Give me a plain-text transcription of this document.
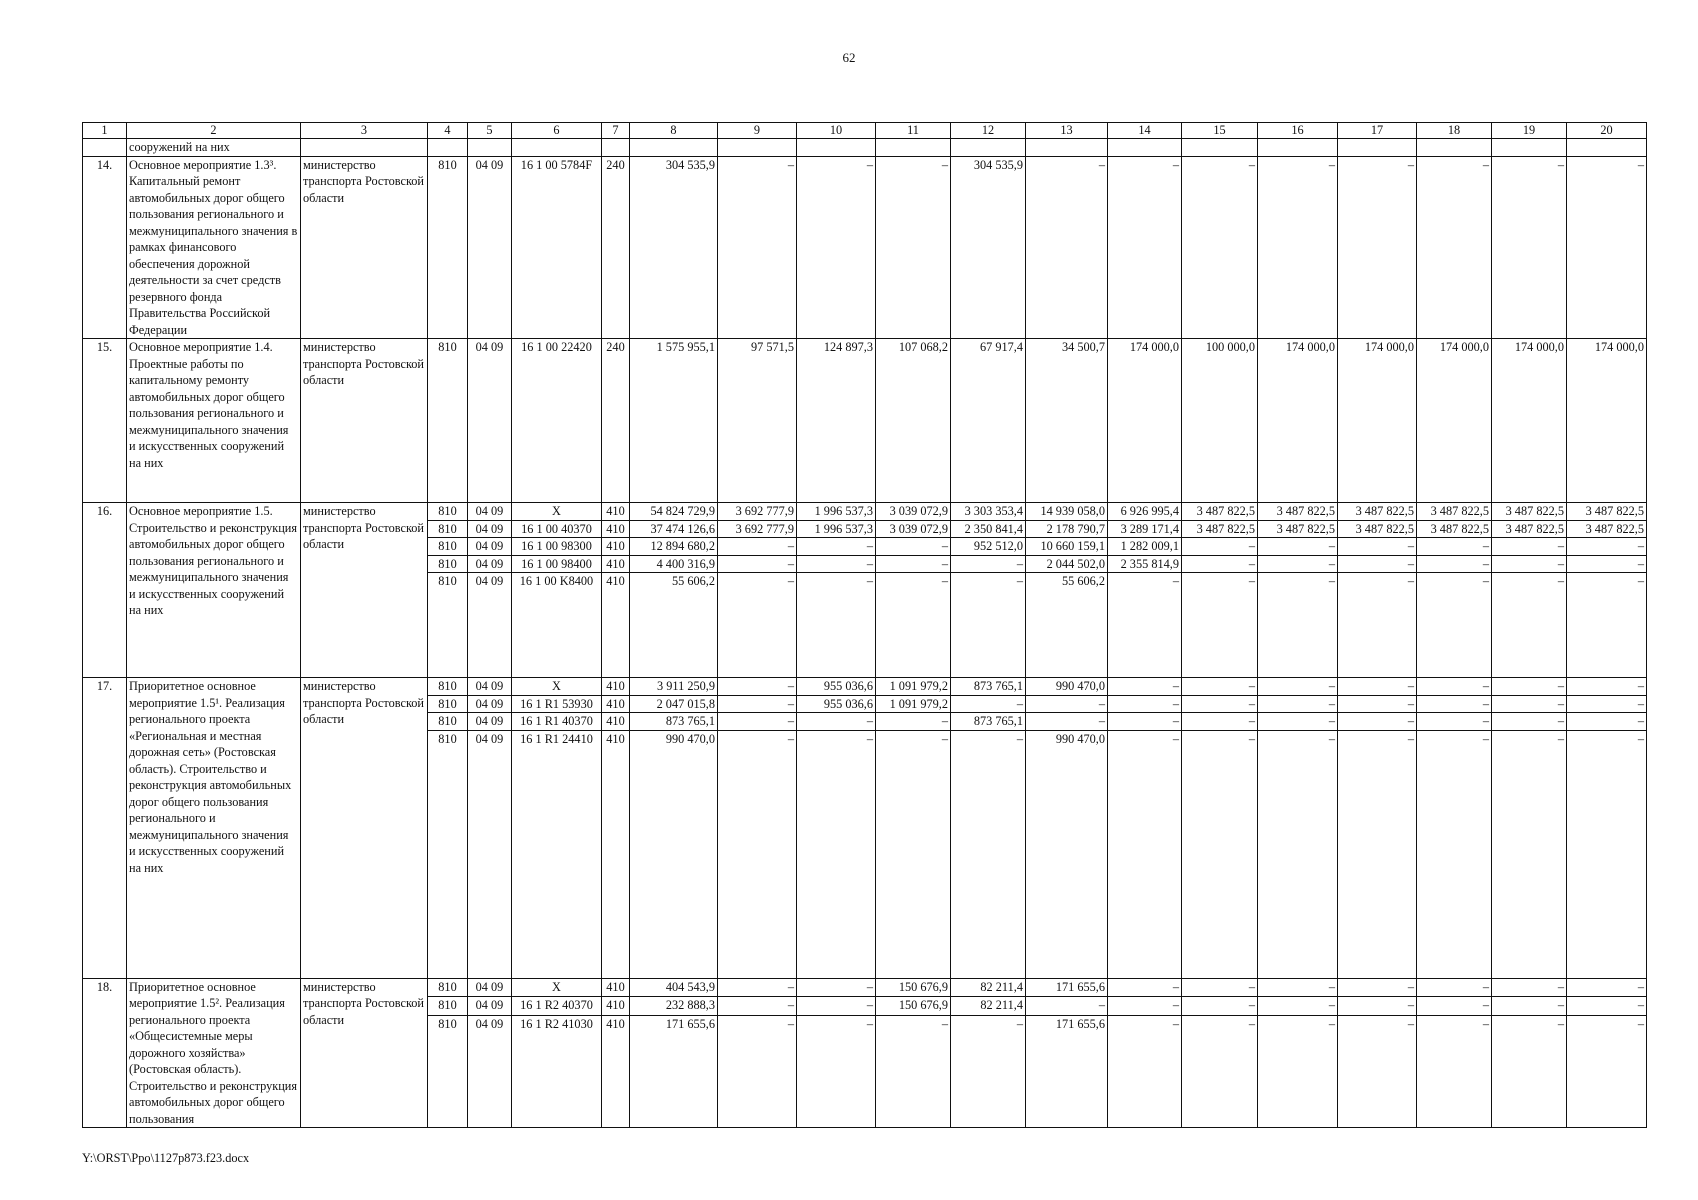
62
1	2	3	4	5	6	7	8	9	10	11	12	13	14	15	16	17	18	19	20
	сооружений на них																		
14.	Основное мероприятие 1.3³. Капитальный ремонт автомобильных дорог общего пользования регионального и межмуниципального значения в рамках финансового обеспечения дорожной деятельности за счет средств резервного фонда Правительства Российской Федерации	министерство транспорта Ростовской области	810	04 09	16 1 00 5784F	240	304 535,9	–	–	–	304 535,9	–	–	–	–	–	–	–	–
15.	Основное мероприятие 1.4. Проектные работы по капитальному ремонту автомобильных дорог общего пользования регионального и межмуниципального значения и искусственных сооружений на них	министерство транспорта Ростовской области	810	04 09	16 1 00 22420	240	1 575 955,1	97 571,5	124 897,3	107 068,2	67 917,4	34 500,7	174 000,0	100 000,0	174 000,0	174 000,0	174 000,0	174 000,0	174 000,0
16.	Основное мероприятие 1.5. Строительство и реконструкция автомобильных дорог общего пользования регионального и межмуниципального значения и искусственных сооружений на них	министерство транспорта Ростовской области	810	04 09	Х	410	54 824 729,9	3 692 777,9	1 996 537,3	3 039 072,9	3 303 353,4	14 939 058,0	6 926 995,4	3 487 822,5	3 487 822,5	3 487 822,5	3 487 822,5	3 487 822,5	3 487 822,5
			810	04 09	16 1 00 40370	410	37 474 126,6	3 692 777,9	1 996 537,3	3 039 072,9	2 350 841,4	2 178 790,7	3 289 171,4	3 487 822,5	3 487 822,5	3 487 822,5	3 487 822,5	3 487 822,5	3 487 822,5
			810	04 09	16 1 00 98300	410	12 894 680,2	–	–	–	952 512,0	10 660 159,1	1 282 009,1	–	–	–	–	–	–
			810	04 09	16 1 00 98400	410	4 400 316,9	–	–	–	–	2 044 502,0	2 355 814,9	–	–	–	–	–	–
			810	04 09	16 1 00 K8400	410	55 606,2	–	–	–	–	55 606,2	–	–	–	–	–	–	–
17.	Приоритетное основное мероприятие 1.5¹. Реализация регионального проекта «Региональная и местная дорожная сеть» (Ростовская область). Строительство и реконструкция автомобильных дорог общего пользования регионального и межмуниципального значения и искусственных сооружений на них	министерство транспорта Ростовской области	810	04 09	Х	410	3 911 250,9	–	955 036,6	1 091 979,2	873 765,1	990 470,0	–	–	–	–	–	–	–
			810	04 09	16 1 R1 53930	410	2 047 015,8	–	955 036,6	1 091 979,2	–	–	–	–	–	–	–	–	–
			810	04 09	16 1 R1 40370	410	873 765,1	–	–	–	873 765,1	–	–	–	–	–	–	–	–
			810	04 09	16 1 R1 24410	410	990 470,0	–	–	–	–	990 470,0	–	–	–	–	–	–	–
18.	Приоритетное основное мероприятие 1.5². Реализация регионального проекта «Общесистемные меры дорожного хозяйства» (Ростовская область). Строительство и реконструкция автомобильных дорог общего пользования	министерство транспорта Ростовской области	810	04 09	Х	410	404 543,9	–	–	150 676,9	82 211,4	171 655,6	–	–	–	–	–	–	–
			810	04 09	16 1 R2 40370	410	232 888,3	–	–	150 676,9	82 211,4	–	–	–	–	–	–	–	–
			810	04 09	16 1 R2 41030	410	171 655,6	–	–	–	–	171 655,6	–	–	–	–	–	–	–
Y:\ORST\Ppo\1127p873.f23.docx
